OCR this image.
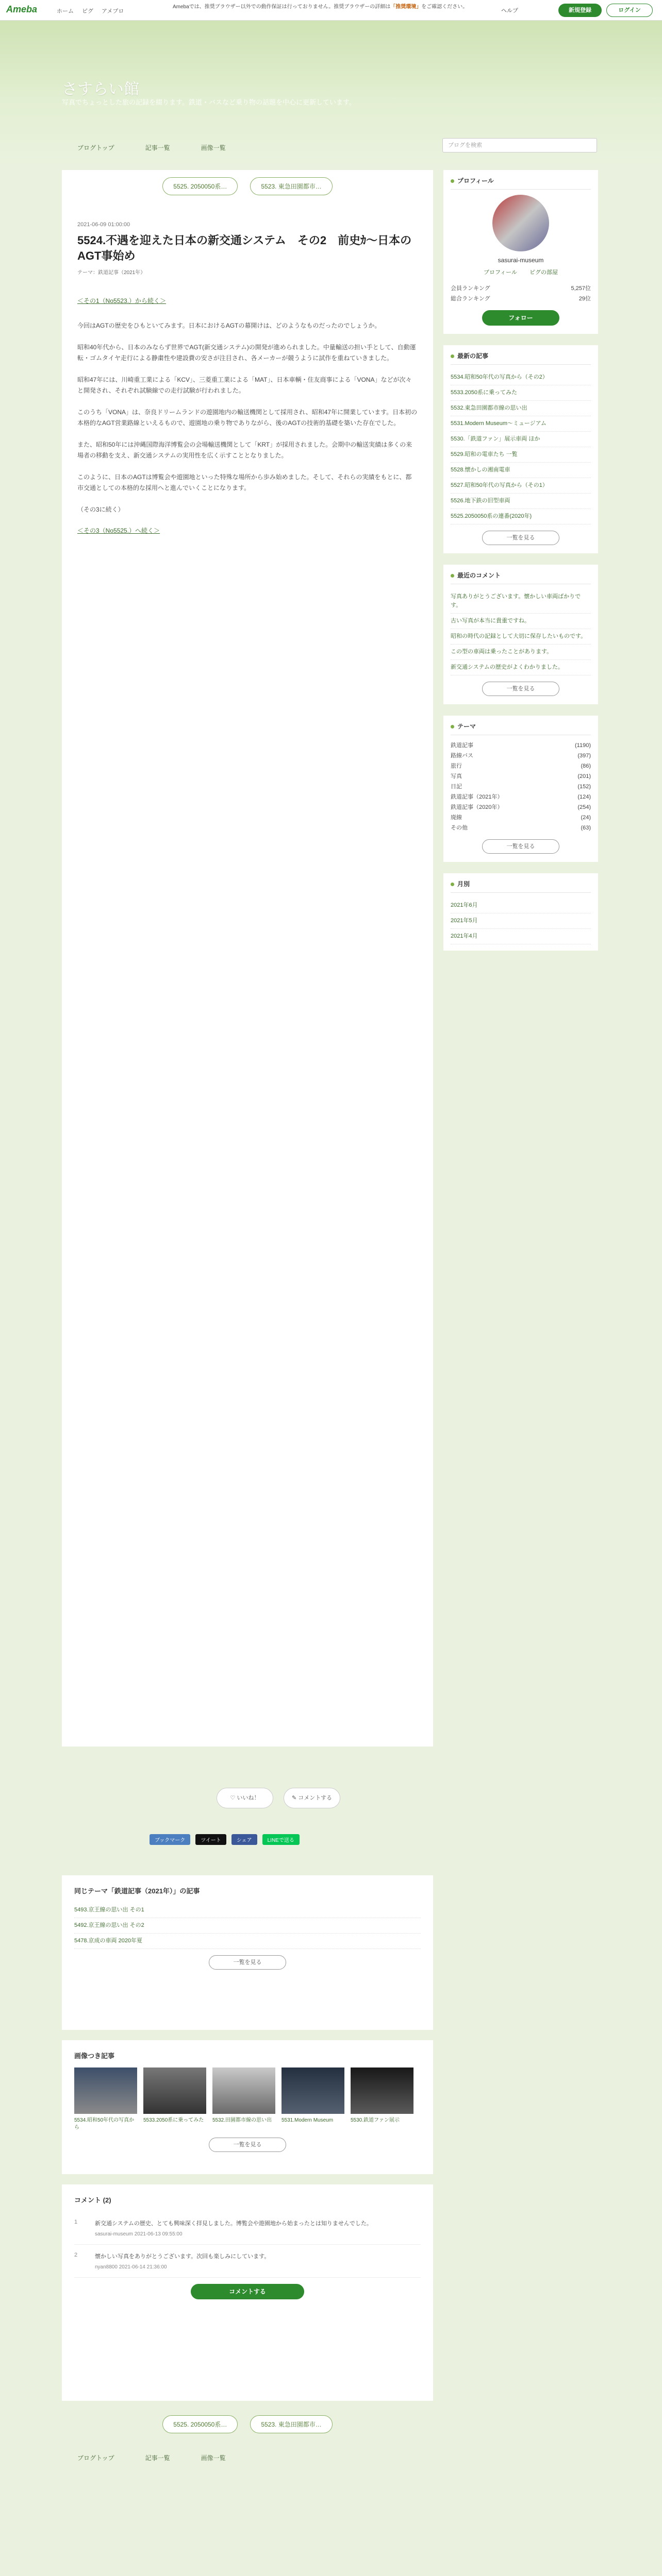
Ameba	ホーム ピグ アメブロ
Amebaでは、推奨ブラウザー以外での動作保証は行っておりません。推奨ブラウザーの詳細は「推奨環境」をご確認ください。
ヘルプ	新規登録	ログイン
さすらい館
写真でちょっとした旅の記録を綴ります。鉄道・バスなど乗り物の話題を中心に更新しています。
ブログトップ	記事一覧	画像一覧	ブログを検索
5525. 2050050系…	5523. 東急田園都市…
2021-06-09 01:00:00
5524.不遇を迎えた日本の新交通システム　その2　前史ｶ〜日本のAGT事始め
テーマ：鉄道記事（2021年）
＜その1（No5523.）から続く＞

今回はAGTの歴史をひもといてみます。日本におけるAGTの幕開けは、どのようなものだったのでしょうか。

昭和40年代から、日本のみならず世界でAGT(新交通システム)の開発が進められました。中量輸送の担い手として、自動運転・ゴムタイヤ走行による静粛性や建設費の安さが注目され、各メーカーが競うように試作を重ねていきました。

昭和47年には、川崎重工業による「KCV」、三菱重工業による「MAT」、日本車輌・住友商事による「VONA」などが次々と開発され、それぞれ試験線での走行試験が行われました。

このうち「VONA」は、奈良ドリームランドの遊園地内の輸送機関として採用され、昭和47年に開業しています。日本初の本格的なAGT営業路線といえるもので、遊園地の乗り物でありながら、後のAGTの技術的基礎を築いた存在でした。

また、昭和50年には沖縄国際海洋博覧会の会場輸送機関として「KRT」が採用されました。会期中の輸送実績は多くの来場者の移動を支え、新交通システムの実用性を広く示すこととなりました。

このように、日本のAGTは博覧会や遊園地といった特殊な場所から歩み始めました。そして、それらの実績をもとに、都市交通としての本格的な採用へと進んでいくことになります。

（その3に続く）

＜その3（No5525.）へ続く＞
♡ いいね！	✎ コメントする
ブックマーク	ツイート	シェア	LINEで送る
プロフィール
sasurai-museum
ブロフィール ピグの部屋
会員ランキング	5,257位
総合ランキング	29位
フォロー
最新の記事
5534.昭和50年代の写真から（その2）
5533.2050系に乗ってみた
5532.東急田園都市線の思い出
5531.Modern Museum〜ミュージアム
5530.「鉄道ファン」展示車両 ほか
5529.昭和の電車たち 一覧
5528.懐かしの湘南電車
5527.昭和50年代の写真から（その1）
5526.地下鉄の旧型車両
5525.2050050系の連番(2020年)
一覧を見る
最近のコメント
写真ありがとうございます。懐かしい車両ばかりです。
古い写真が本当に貴重ですね。
昭和の時代の記録として大切に保存したいものです。
この型の車両は乗ったことがあります。
新交通システムの歴史がよくわかりました。
一覧を見る
テーマ
鉄道記事	(1190)
路線バス	(397)
旅行	(86)
写真	(201)
日記	(152)
鉄道記事（2021年）	(124)
鉄道記事（2020年）	(254)
廃線	(24)
その他	(63)
一覧を見る
月別
2021年6月
2021年5月
2021年4月
同じテーマ「鉄道記事（2021年）」の記事
5493.京王線の思い出 その1
5492.京王線の思い出 その2
5478.京成の車両 2020年夏
一覧を見る
画像つき記事
5534.昭和50年代の写真から
5533.2050系に乗ってみた	5532.田園都市線の思い出	5531.Modern Museum	5530.鉄道ファン展示
一覧を見る
コメント (2)
1	新交通システムの歴史、とても興味深く拝見しました。博覧会や遊園地から始まったとは知りませんでした。
sasurai-museum 2021-06-13 09:55:00
2	懐かしい写真をありがとうございます。次回も楽しみにしています。
nyan8800 2021-06-14 21:36:00
コメントする
5525. 2050050系…	5523. 東急田園都市…
ブログトップ	記事一覧	画像一覧
